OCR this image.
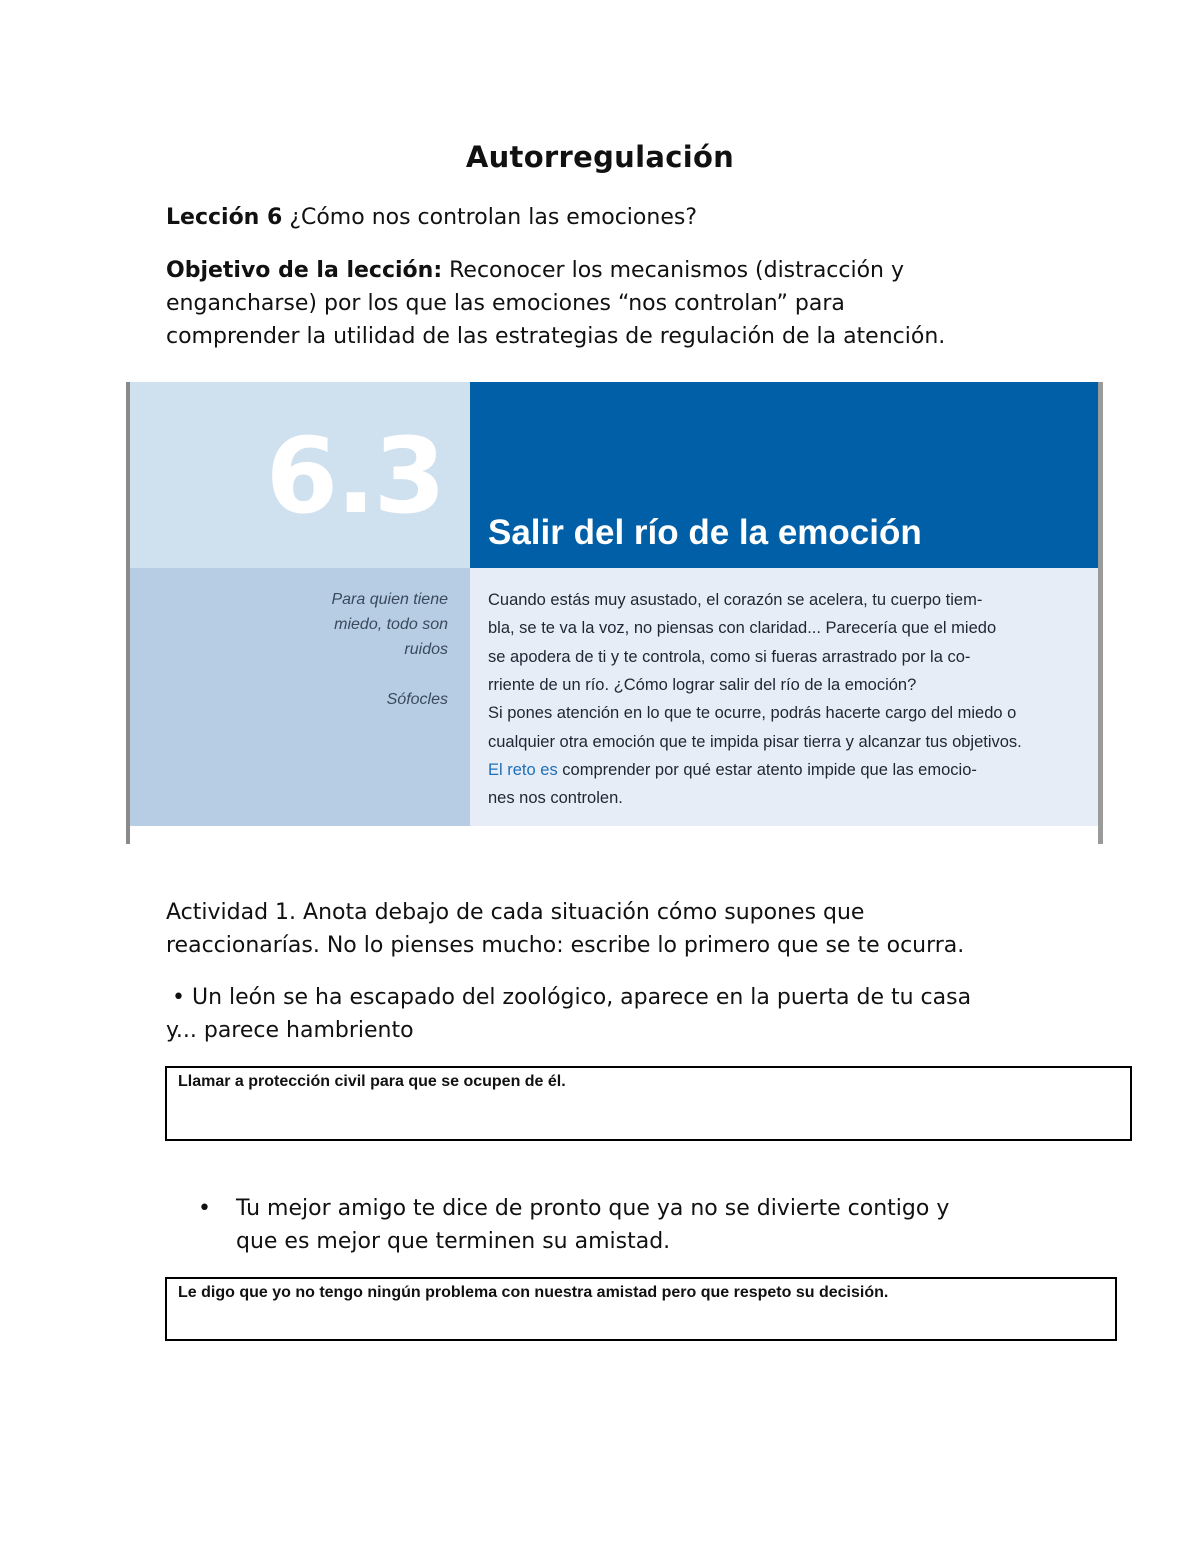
Autorregulación
Lección 6 ¿Cómo nos controlan las emociones?
Objetivo de la lección: Reconocer los mecanismos (distracción y
engancharse) por los que las emociones “nos controlan” para
comprender la utilidad de las estrategias de regulación de la atención.
6.3 Salir del río de la emoción
Para quien tiene
miedo, todo son
ruidos
Sófocles
Cuando estás muy asustado, el corazón se acelera, tu cuerpo tiem-
bla, se te va la voz, no piensas con claridad... Parecería que el miedo
se apodera de ti y te controla, como si fueras arrastrado por la co-
rriente de un río. ¿Cómo lograr salir del río de la emoción?
Si pones atención en lo que te ocurre, podrás hacerte cargo del miedo o
cualquier otra emoción que te impida pisar tierra y alcanzar tus objetivos.
El reto es comprender por qué estar atento impide que las emocio-
nes nos controlen.
Actividad 1. Anota debajo de cada situación cómo supones que
reaccionarías. No lo pienses mucho: escribe lo primero que se te ocurra.
• Un león se ha escapado del zoológico, aparece en la puerta de tu casa
y... parece hambriento
Llamar a protección civil para que se ocupen de él.
• Tu mejor amigo te dice de pronto que ya no se divierte contigo y
que es mejor que terminen su amistad.
Le digo que yo no tengo ningún problema con nuestra amistad pero que respeto su decisión.
